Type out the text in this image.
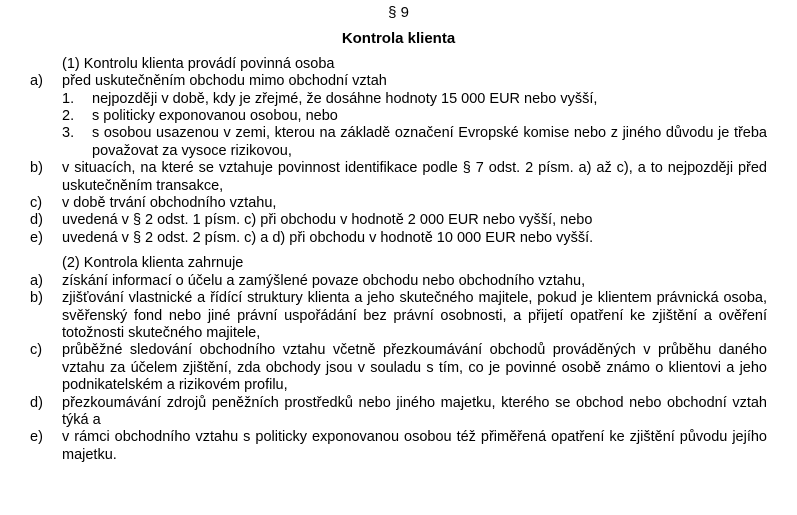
§ 9
Kontrola klienta
(1) Kontrolu klienta provádí povinná osoba
a)	před uskutečněním obchodu mimo obchodní vztah
1.	nejpozději v době, kdy je zřejmé, že dosáhne hodnoty 15 000 EUR nebo vyšší,
2.	s politicky exponovanou osobou, nebo
3.	s osobou usazenou v zemi, kterou na základě označení Evropské komise nebo z jiného důvodu je třeba považovat za vysoce rizikovou,
b)	v situacích, na které se vztahuje povinnost identifikace podle § 7 odst. 2 písm. a) až c), a to nejpozději před uskutečněním transakce,
c)	v době trvání obchodního vztahu,
d)	uvedená v § 2 odst. 1 písm. c) při obchodu v hodnotě 2 000 EUR nebo vyšší, nebo
e)	uvedená v § 2 odst. 2 písm. c) a d) při obchodu v hodnotě 10 000 EUR nebo vyšší.
(2) Kontrola klienta zahrnuje
a)	získání informací o účelu a zamýšlené povaze obchodu nebo obchodního vztahu,
b)	zjišťování vlastnické a řídící struktury klienta a jeho skutečného majitele, pokud je klientem právnická osoba, svěřenský fond nebo jiné právní uspořádání bez právní osobnosti, a přijetí opatření ke zjištění a ověření totožnosti skutečného majitele,
c)	průběžné sledování obchodního vztahu včetně přezkoumávání obchodů prováděných v průběhu daného vztahu za účelem zjištění, zda obchody jsou v souladu s tím, co je povinné osobě známo o klientovi a jeho podnikatelském a rizikovém profilu,
d)	přezkoumávání zdrojů peněžních prostředků nebo jiného majetku, kterého se obchod nebo obchodní vztah týká a
e)	v rámci obchodního vztahu s politicky exponovanou osobou též přiměřená opatření ke zjištění původu jejího majetku.
